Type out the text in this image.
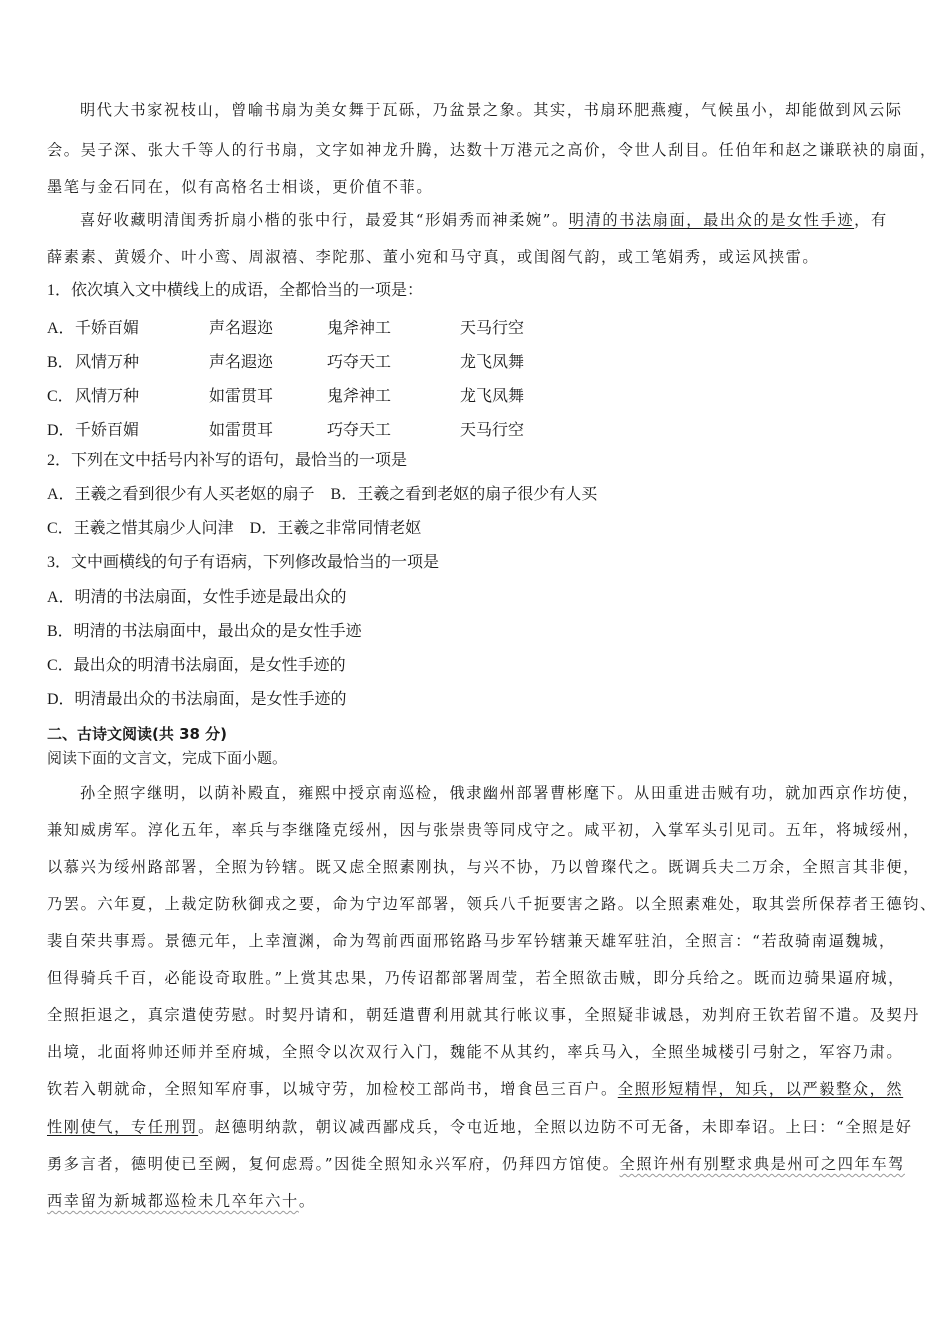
明代大书家祝枝山，曾喻书扇为美女舞于瓦砾，乃盆景之象。其实，书扇环肥燕瘦，气候虽小，却能做到风云际
会。吴子深、张大千等人的行书扇，文字如神龙升腾，达数十万港元之高价，令世人刮目。任伯年和赵之谦联袂的扇面，
墨笔与金石同在，似有高格名士相谈，更价值不菲。
喜好收藏明清闺秀折扇小楷的张中行，最爱其“形娟秀而神柔婉”。明清的书法扇面，最出众的是女性手迹，有
薛素素、黄媛介、叶小鸾、周淑禧、李陀那、董小宛和马守真，或闺阁气韵，或工笔娟秀，或运风挟雷。
1．依次填入文中横线上的成语，全都恰当的一项是：
A． 千娇百媚	声名遐迩	鬼斧神工	天马行空
B． 风情万种	声名遐迩	巧夺天工	龙飞凤舞
C． 风情万种	如雷贯耳	鬼斧神工	龙飞凤舞
D． 千娇百媚	如雷贯耳	巧夺天工	天马行空
2．下列在文中括号内补写的语句，最恰当的一项是
A．王羲之看到很少有人买老妪的扇子　B．王羲之看到老妪的扇子很少有人买
C．王羲之惜其扇少人问津　D．王羲之非常同情老妪
3．文中画横线的句子有语病，下列修改最恰当的一项是
A．明清的书法扇面，女性手迹是最出众的
B．明清的书法扇面中，最出众的是女性手迹
C．最出众的明清书法扇面，是女性手迹的
D．明清最出众的书法扇面，是女性手迹的
二、古诗文阅读(共 38 分)
阅读下面的文言文，完成下面小题。
孙全照字继明，以荫补殿直，雍熙中授京南巡检，俄隶幽州部署曹彬麾下。从田重进击贼有功，就加西京作坊使，
兼知威虏军。淳化五年，率兵与李继隆克绥州，因与张崇贵等同戍守之。咸平初，入掌军头引见司。五年，将城绥州，
以慕兴为绥州路部署，全照为钤辖。既又虑全照素刚执，与兴不协，乃以曾璨代之。既调兵夫二万余，全照言其非便，
乃罢。六年夏，上裁定防秋御戎之要，命为宁边军部署，领兵八千扼要害之路。以全照素难处，取其尝所保荐者王德钧、
裴自荣共事焉。景德元年，上幸澶渊，命为驾前西面邢铭路马步军钤辖兼天雄军驻泊，全照言：“若敌骑南逼魏城，
但得骑兵千百，必能设奇取胜。”上赏其忠果，乃传诏都部署周莹，若全照欲击贼，即分兵给之。既而边骑果逼府城，
全照拒退之，真宗遣使劳慰。时契丹请和，朝廷遣曹利用就其行帐议事，全照疑非诚恳，劝判府王钦若留不遣。及契丹
出境，北面将帅还师并至府城，全照令以次双行入门，魏能不从其约，率兵马入，全照坐城楼引弓射之，军容乃肃。
钦若入朝就命，全照知军府事，以城守劳，加检校工部尚书，增食邑三百户。全照形短精悍，知兵，以严毅整众，然
性刚使气，专任刑罚。赵德明纳款，朝议减西鄙戍兵，令屯近地，全照以边防不可无备，未即奉诏。上曰：“全照是好
勇多言者，德明使已至阙，复何虑焉。”因徙全照知永兴军府，仍拜四方馆使。全照许州有别墅求典是州可之四年车驾
西幸留为新城都巡检未几卒年六十。
